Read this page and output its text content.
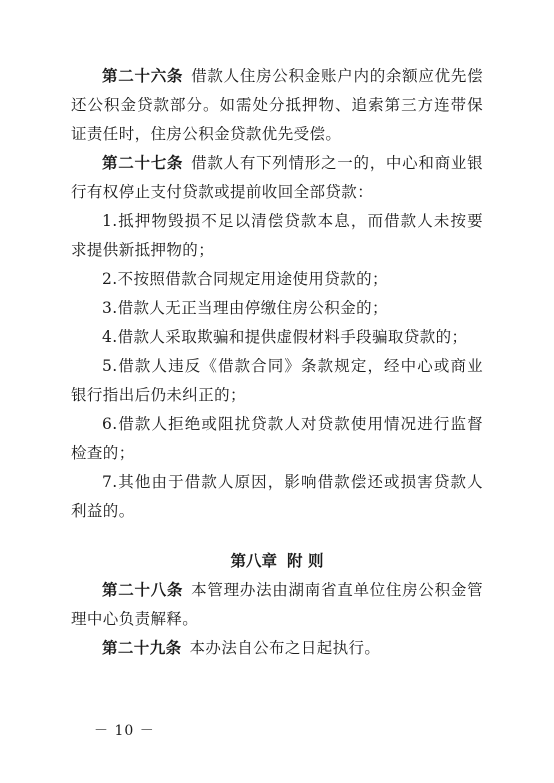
第二十六条 借款人住房公积金账户内的余额应优先偿还公积金贷款部分。如需处分抵押物、追索第三方连带保证责任时，住房公积金贷款优先受偿。

第二十七条 借款人有下列情形之一的，中心和商业银行有权停止支付贷款或提前收回全部贷款：

1.抵押物毁损不足以清偿贷款本息，而借款人未按要求提供新抵押物的；

2.不按照借款合同规定用途使用贷款的；

3.借款人无正当理由停缴住房公积金的；

4.借款人采取欺骗和提供虚假材料手段骗取贷款的；

5.借款人违反《借款合同》条款规定，经中心或商业银行指出后仍未纠正的；

6.借款人拒绝或阻扰贷款人对贷款使用情况进行监督检查的；

7.其他由于借款人原因，影响借款偿还或损害贷款人利益的。

第八章 附 则

第二十八条 本管理办法由湖南省直单位住房公积金管理中心负责解释。

第二十九条 本办法自公布之日起执行。

－ 10 －
